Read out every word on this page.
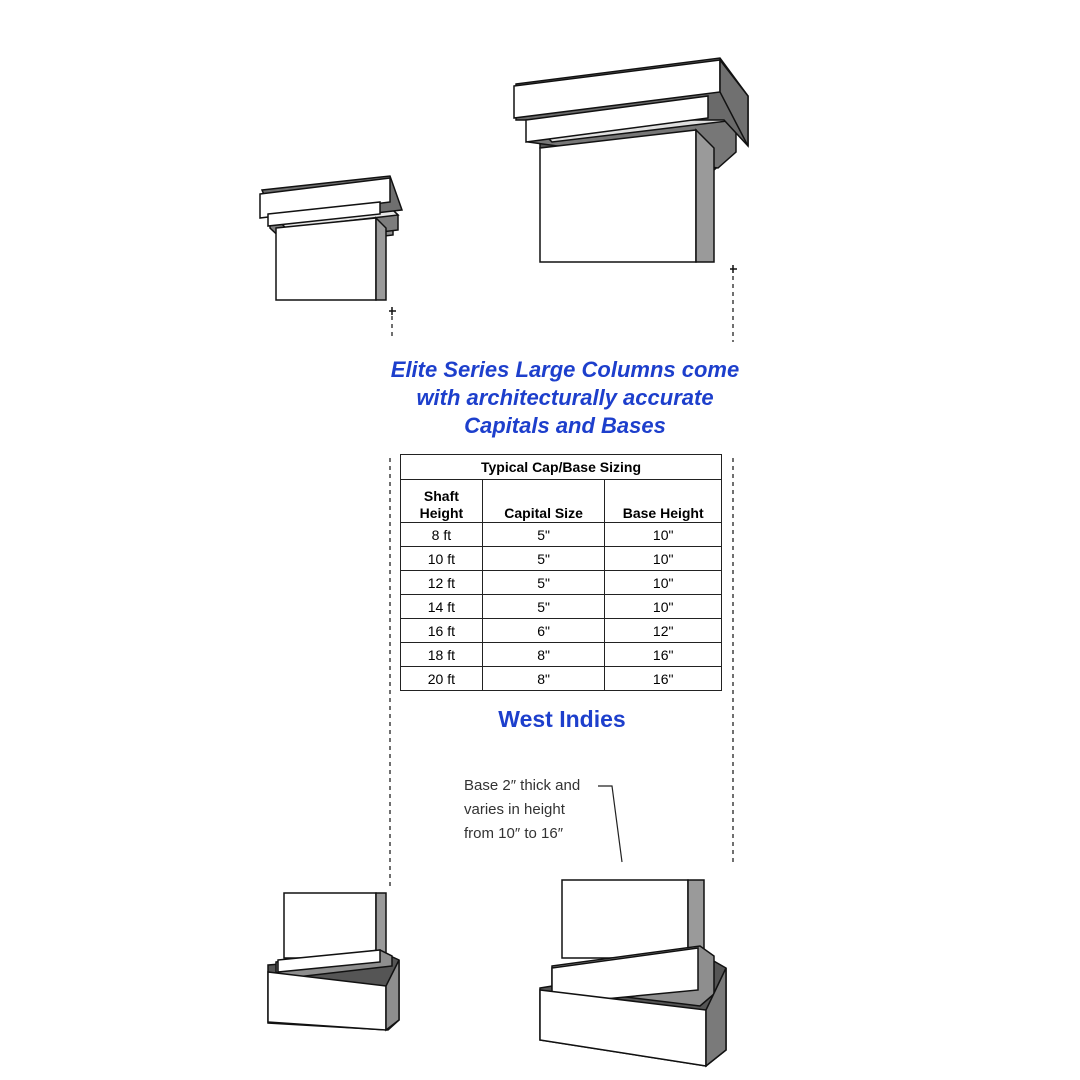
Elite Series Large Columns come
with architecturally accurate
Capitals and Bases
Typical Cap/Base Sizing		
Shaft
Height	Capital Size	Base Height
8 ft	5"	10"
10 ft	5"	10"
12 ft	5"	10"
14 ft	5"	10"
16 ft	6"	12"
18 ft	8"	16"
20 ft	8"	16"
West Indies
Base 2″ thick and
varies in height
from 10″ to 16″
